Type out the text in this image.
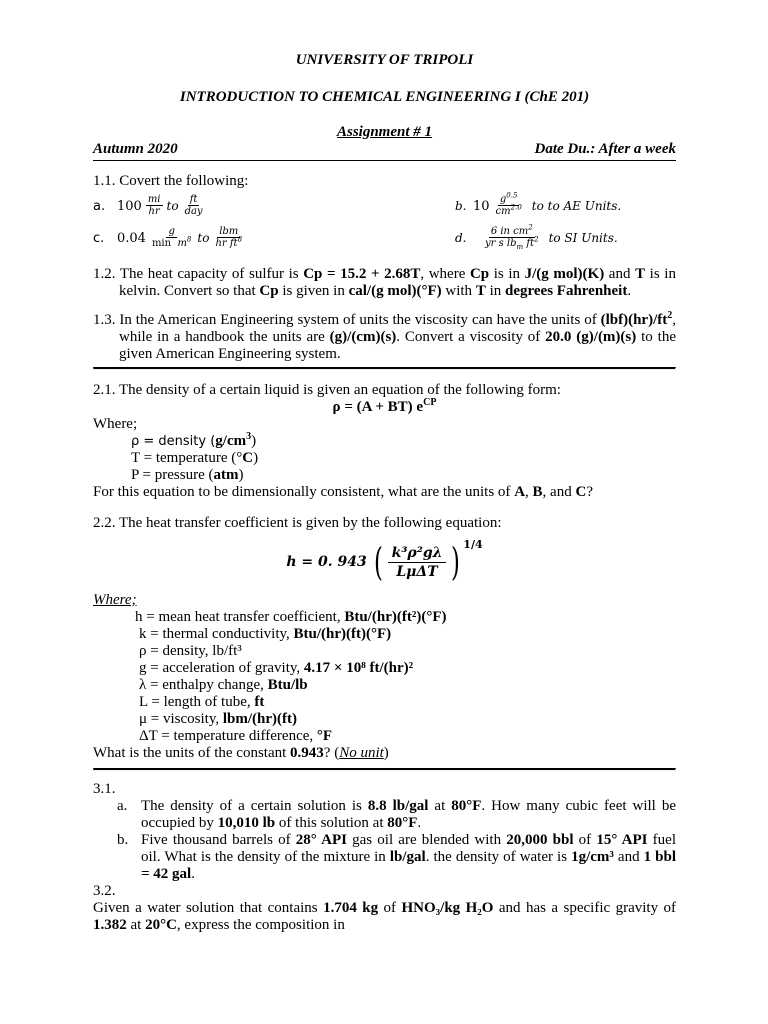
UNIVERSITY OF TRIPOLI
INTRODUCTION TO CHEMICAL ENGINEERING I (ChE 201)
Assignment # 1
Autumn 2020	Date Du.: After a week
1.1. Covert the following:
a. $100 \frac{mi}{hr}$ to $\frac{ft}{\text{day}}$	b. $10 \frac{g^{0.5}}{cm^{2.0}}$ to to AE Units.
c. $0.04 \frac{g}{\min m^8}$ to $\frac{\text{lbm}}{hr ft^8}$	d.	$\frac{6 in cm^2}{yr s lb_m ft^2}$ to SI Units.
1.2. The heat capacity of sulfur is Cp = 15.2 + 2.68T, where Cp is in J/(g mol)(K) and T is in kelvin. Convert so that Cp is given in cal/(g mol)(°F) with T in degrees Fahrenheit.
1.3. In the American Engineering system of units the viscosity can have the units of $(lbf)(hr)/ft^2$, while in a handbook the units are (g)/(cm)(s). Convert a viscosity of 20.0 (g)/(m)(s) to the given American Engineering system.
2.1. The density of a certain liquid is given an equation of the following form:
ρ = (A + BT) $e^{CP}$
Where;
ρ = density $(g/cm^3)$
T = temperature (°C)
P = pressure (atm)
For this equation to be dimensionally consistent, what are the units of A, B, and C?
2.2. The heat transfer coefficient is given by the following equation:
h = 0. 943 ( $\frac{\text{k³ρ²gλ}}{\text{LμΔT}}$ ) 1/4
Where;
h = mean heat transfer coefficient, Btu/(hr)(ft²)(°F)
k = thermal conductivity, Btu/(hr)(ft)(°F)
ρ = density, lb/ft³
g = acceleration of gravity, 4.17 × 10⁸ ft/(hr)²
λ = enthalpy change, Btu/lb
L = length of tube, ft
μ = viscosity, lbm/(hr)(ft)
ΔT = temperature difference, °F
What is the units of the constant 0.943? (No unit)
3.1.
a. The density of a certain solution is 8.8 lb/gal at 80°F. How many cubic feet will be occupied by 10,010 lb of this solution at 80°F.
b. Five thousand barrels of 28° API gas oil are blended with 20,000 bbl of 15° API fuel oil. What is the density of the mixture in lb/gal. the density of water is 1g/cm³ and 1 bbl = 42 gal.
3.2.
Given a water solution that contains 1.704 kg of HNO₃/kg H₂O and has a specific gravity of 1.382 at 20°C, express the composition in
